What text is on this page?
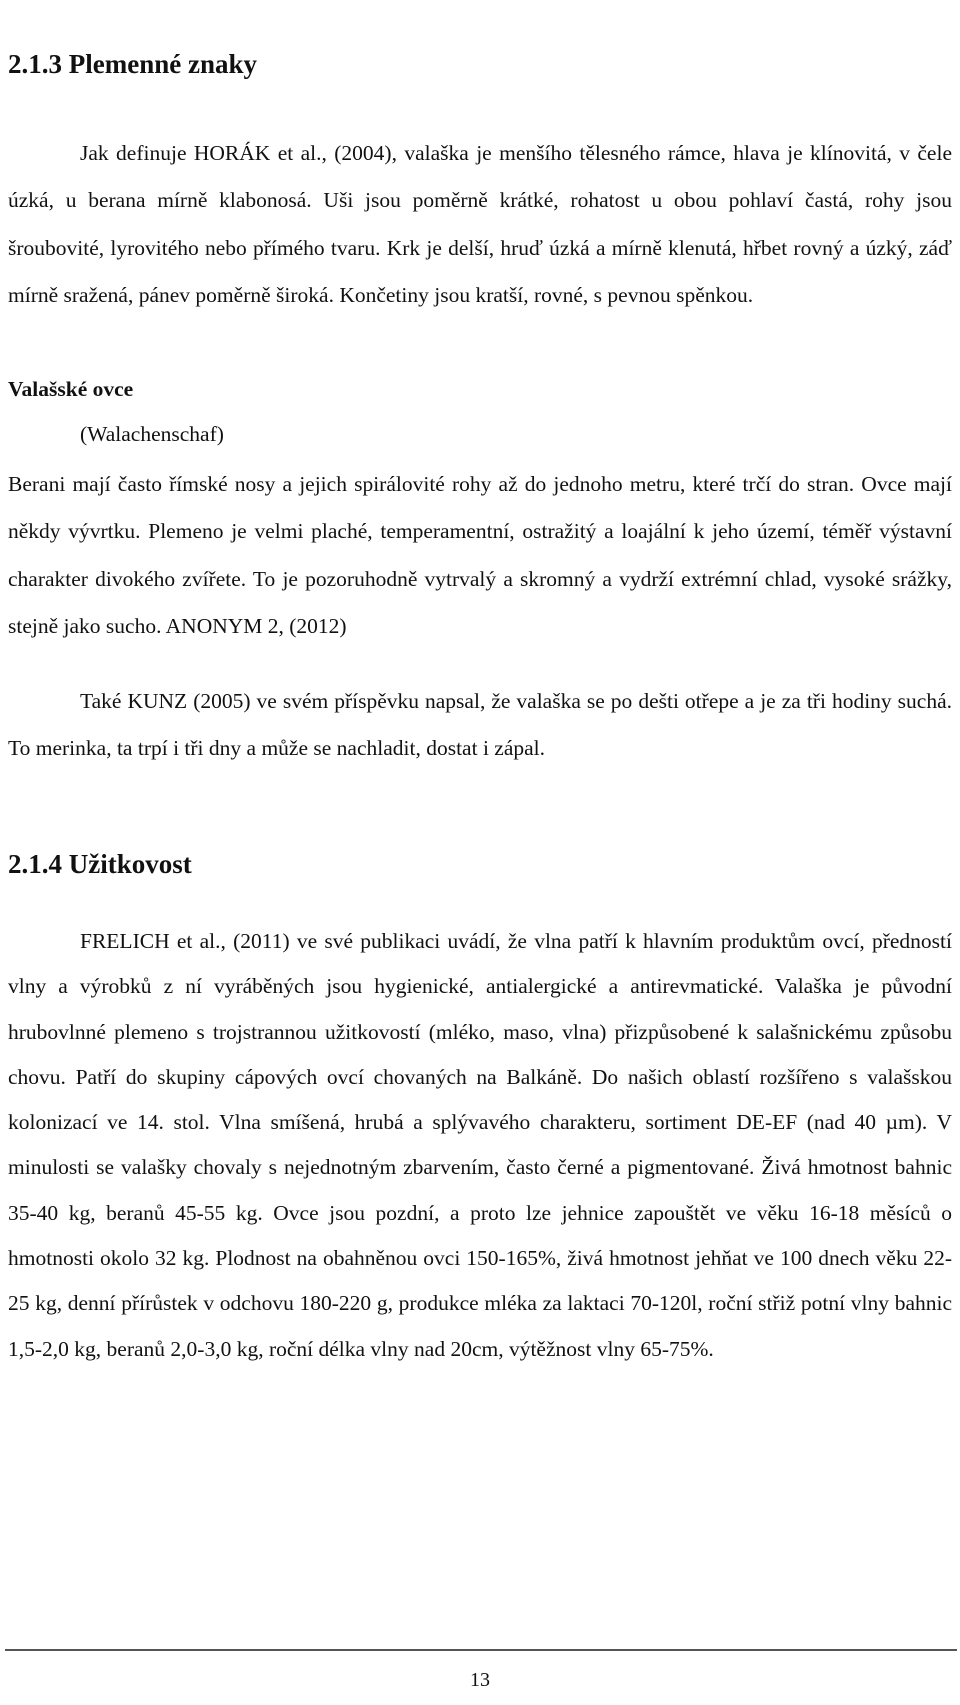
2.1.3 Plemenné znaky

Jak definuje HORÁK et al., (2004), valaška je menšího tělesného rámce, hlava je klínovitá, v čele úzká, u berana mírně klabonosá. Uši jsou poměrně krátké, rohatost u obou pohlaví častá, rohy jsou šroubovité, lyrovitého nebo přímého tvaru. Krk je delší, hruď úzká a mírně klenutá, hřbet rovný a úzký, záď mírně sražená, pánev poměrně široká. Končetiny jsou kratší, rovné, s pevnou spěnkou.

Valašské ovce

(Walachenschaf)

Berani mají často římské nosy a jejich spirálovité rohy až do jednoho metru, které trčí do stran. Ovce mají někdy vývrtku. Plemeno je velmi plaché, temperamentní, ostražitý a loajální k jeho území, téměř výstavní charakter divokého zvířete. To je pozoruhodně vytrvalý a skromný a vydrží extrémní chlad, vysoké srážky, stejně jako sucho. ANONYM 2, (2012)

Také KUNZ (2005) ve svém příspěvku napsal, že valaška se po dešti otřepe a je za tři hodiny suchá. To merinka, ta trpí i tři dny a může se nachladit, dostat i zápal.

2.1.4 Užitkovost

FRELICH et al., (2011) ve své publikaci uvádí, že vlna patří k hlavním produktům ovcí, předností vlny a výrobků z ní vyráběných jsou hygienické, antialergické a antirevmatické. Valaška je původní hrubovlnné plemeno s trojstrannou užitkovostí (mléko, maso, vlna) přizpůsobené k salašnickému způsobu chovu. Patří do skupiny cápových ovcí chovaných na Balkáně. Do našich oblastí rozšířeno s valašskou kolonizací ve 14. stol. Vlna smíšená, hrubá a splývavého charakteru, sortiment DE-EF (nad 40 µm). V minulosti se valašky chovaly s nejednotným zbarvením, často černé a pigmentované. Živá hmotnost bahnic 35-40 kg, beranů 45-55 kg. Ovce jsou pozdní, a proto lze jehnice zapouštět ve věku 16-18 měsíců o hmotnosti okolo 32 kg. Plodnost na obahněnou ovci 150-165%, živá hmotnost jehňat ve 100 dnech věku 22-25 kg, denní přírůstek v odchovu 180-220 g, produkce mléka za laktaci 70-120l, roční střiž potní vlny bahnic 1,5-2,0 kg, beranů 2,0-3,0 kg, roční délka vlny nad 20cm, výtěžnost vlny 65-75%.

13
